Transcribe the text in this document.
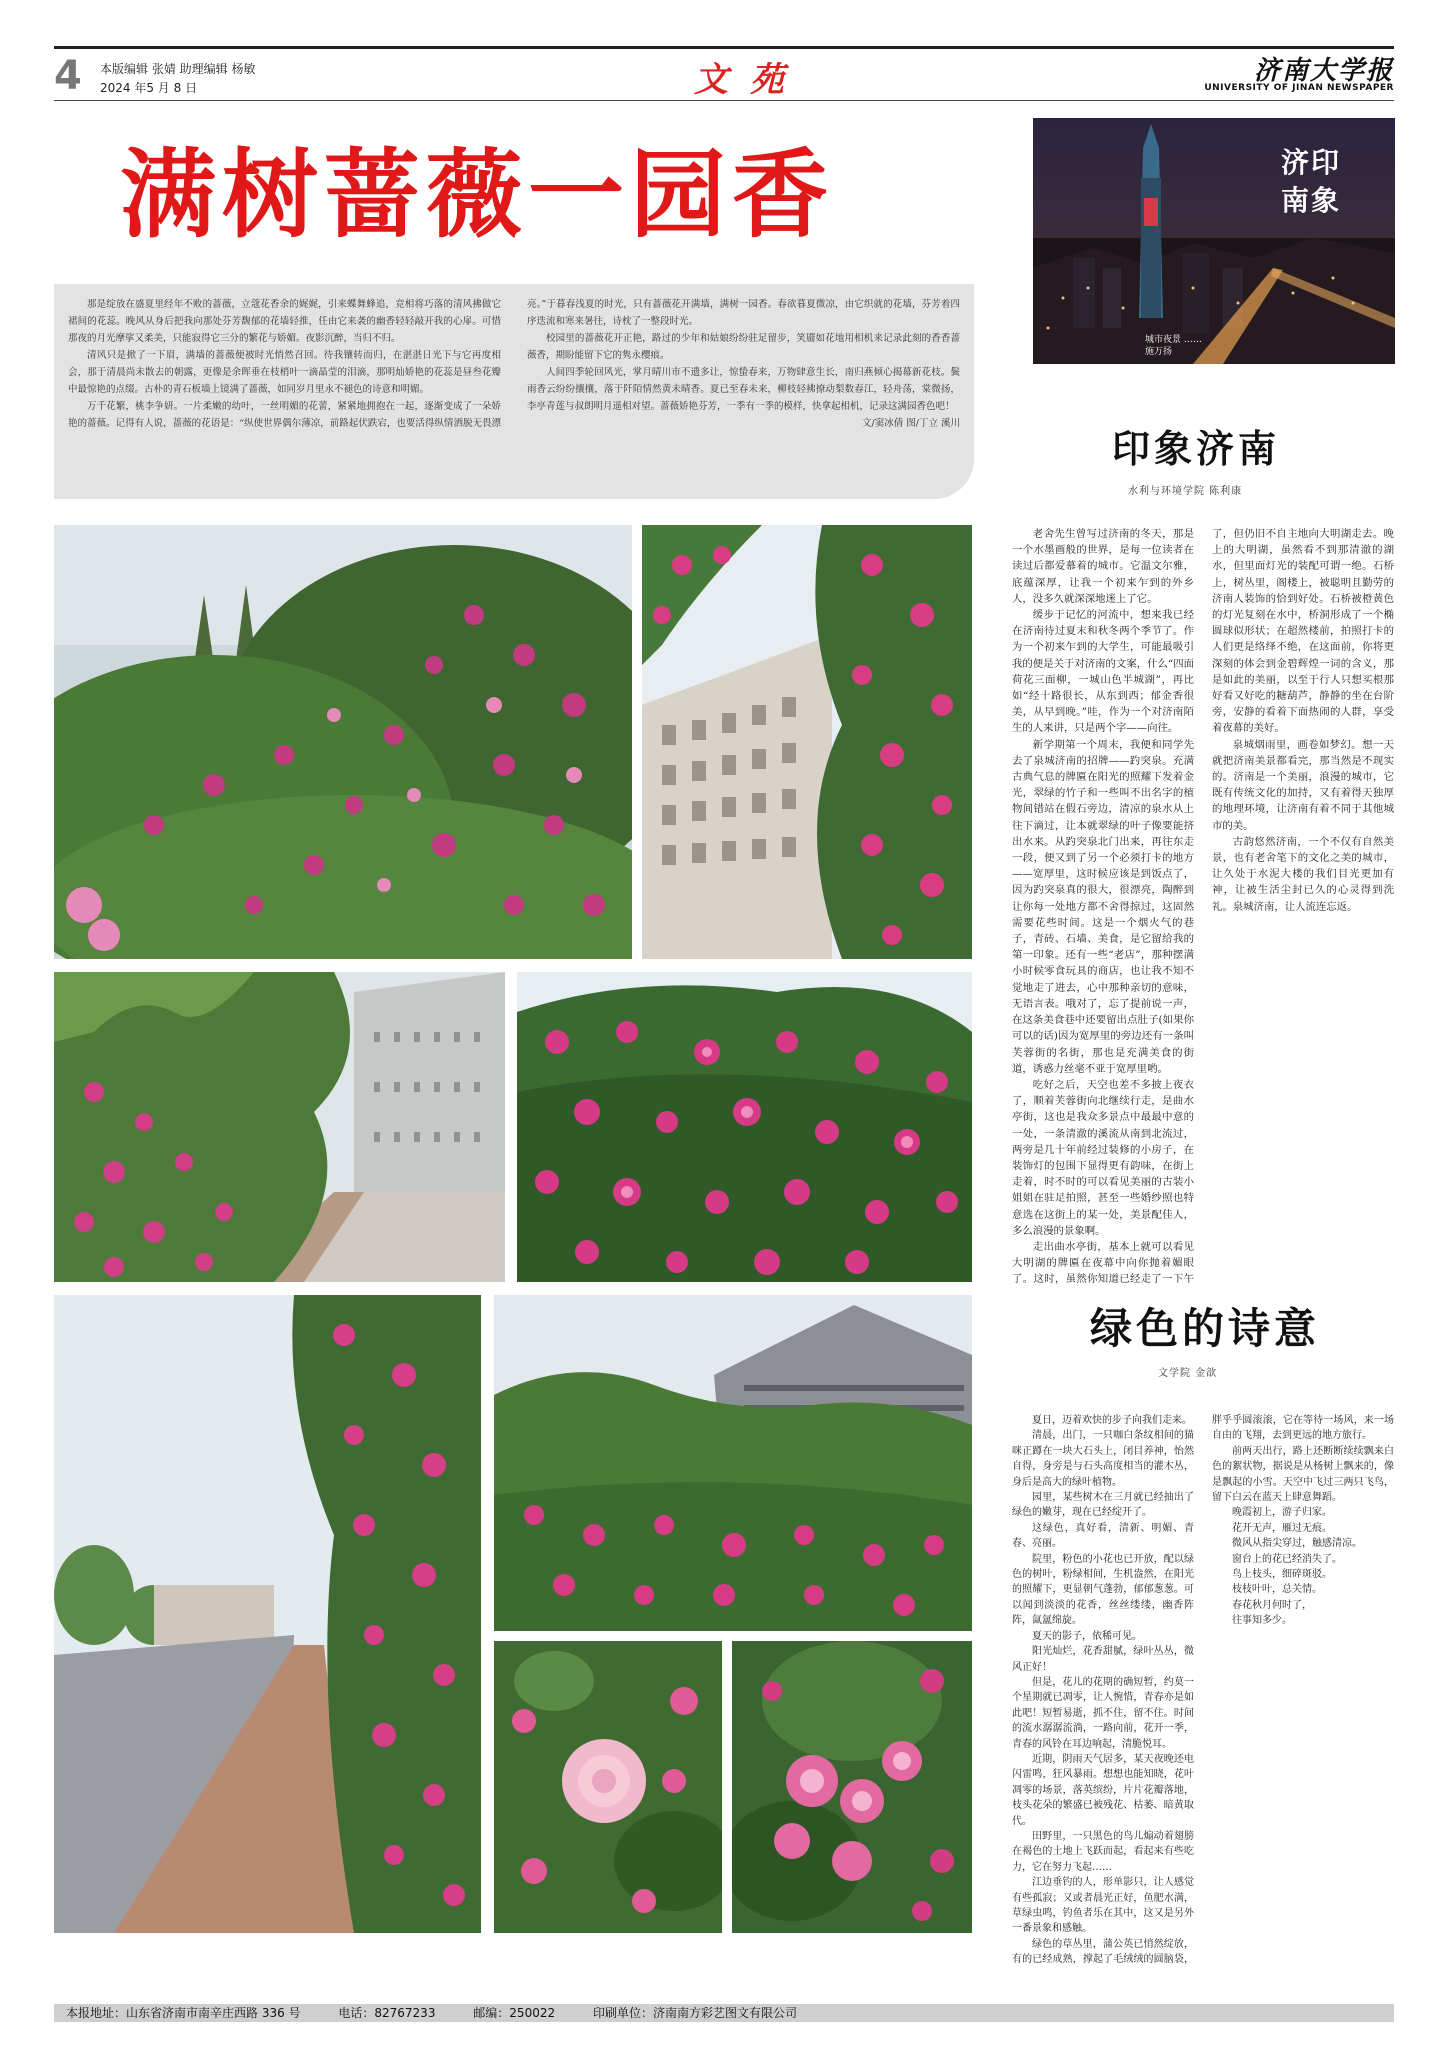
4 本版编辑 张婧 助理编辑 杨敏
2024 年5 月 8 日	文苑	济南大学报
UNIVERSITY OF JINAN NEWSPAPER
满树蔷薇一园香

那是绽放在盛夏里经年不败的蔷薇，立蔻花香余的娓娓，引来蝶舞蜂追，竞相将巧落的清风拂做它裙间的花蕊。晚风从身后把我向那处芬芳馥郁的花墙轻推，任由它来袭的幽香轻轻敲开我的心扉。可惜那夜的月光摩挲又柔美，只能寂得它三分的繁花与娇媚。夜影沉醉，当归不归。

清风只是掀了一下眉，满墙的蔷薇便被时光悄然召回。待我镶转而归，在湛湛日光下与它再度相会，那于清晨尚未散去的朝露，更像是余晖垂在枝梢叶一滴晶莹的泪滴，那明灿娇艳的花蕊是昼叁花瓣中最惊艳的点缀。古朴的青石板墙上镜满了蔷薇，如同岁月里永不褪色的诗意和明媚。

万千花繁，桃李争妍。一片柔嫩的幼叶，一丝明媚的花蕾，紧紧地拥抱在一起，逐渐变成了一朵娇艳的蔷薇。记得有人说，蔷薇的花语是：“纵使世界偶尔薄凉，前路起伏跌宕，也要活得纵情洒脱无畏漂亮。”于暮春浅夏的时光，只有蔷薇花开满墙，满树一园香。春欲暮夏微凉，由它织就的花墙，芬芳着四序迭流和寒来暑往，诗枕了一整段时光。

校园里的蔷薇花开正艳，路过的少年和姑娘纷纷驻足留步，笑靥如花地用相机来记录此刻的香香蔷薇香，期盼能留下它的隽永樱痕。

人间四季轮回风光，掌月晴川市不遗多让，惊蛰春来，万物肆意生长，南归燕倾心揭幕新花枝。鬓雨香云纷纷攘攘，落于阡陌情然黄未晴香。夏已至春未来，柳枝轻拂撩动梨数春江，轻舟荡，棠微扬，李亭青莲与叔朗明月遥相对望。蔷薇娇艳芬芳，一季有一季的模样，快拿起相机，记录这满园香色吧！

文/窦冰倩 图/丁立 溪川
济印
南象
城市夜景 ……
施万扬
印象济南
水利与环境学院 陈利康

老舍先生曾写过济南的冬天，那是一个水墨画般的世界，是每一位读者在读过后都爱慕着的城市。它温文尔雅，底蕴深厚，让我一个初来乍到的外乡人，没多久就深深地迷上了它。

缓步于记忆的河流中，想来我已经在济南待过夏末和秋冬两个季节了。作为一个初来乍到的大学生，可能最吸引我的便是关于对济南的文案，什么“四面荷花三面柳，一城山色半城湖”，再比如“经十路很长，从东到西；郁金香很美，从早到晚。”哇，作为一个对济南陌生的人来讲，只是两个字——向往。

新学期第一个周末，我便和同学先去了泉城济南的招牌——趵突泉。充满古典气息的牌匾在阳光的照耀下发着金光，翠绿的竹子和一些叫不出名字的植物间错站在假石旁边，清凉的泉水从上往下滴过，让本就翠绿的叶子像要能挤出水来。从趵突泉北门出来，再往东走一段，便又到了另一个必须打卡的地方——宽厚里，这时候应该是到饭点了，因为趵突泉真的很大，很漂亮，陶醉到让你每一处地方都不舍得掠过，这固然需要花些时间。这是一个烟火气的巷子，青砖、石墙、美食，是它留给我的第一印象。还有一些“老店”，那种摆满小时候零食玩具的商店，也让我不知不觉地走了进去，心中那种亲切的意味，无语言表。哦对了，忘了提前说一声，在这条美食巷中还要留出点肚子(如果你可以的话)因为宽厚里的旁边还有一条叫芙蓉街的名街，那也是充满美食的街道，诱惑力丝毫不亚于宽厚里哟。

吃好之后，天空也差不多披上夜衣了，顺着芙蓉街向北继续行走，是曲水亭街，这也是我众多景点中最最中意的一处，一条清澈的溪流从南到北流过，两旁是几十年前经过装修的小房子，在装饰灯的包围下显得更有韵味，在街上走着，时不时的可以看见美丽的古装小姐姐在驻足拍照，甚至一些婚纱照也特意选在这街上的某一处，美景配佳人，多么浪漫的景象啊。

走出曲水亭街，基本上就可以看见大明湖的牌匾在夜幕中向你抛着媚眼了。这时，虽然你知道已经走了一下午了，但仍旧不自主地向大明湖走去。晚上的大明湖，虽然看不到那清澈的湖水，但里面灯光的装配可谓一绝。石桥上，树丛里，阁楼上，被聪明且勤劳的济南人装饰的恰到好处。石桥被橙黄色的灯光复刻在水中，桥洞形成了一个椭圆球似形状；在超然楼前，拍照打卡的人们更是络绎不绝，在这面前，你将更深刻的体会到金碧辉煌一词的含义，那是如此的美丽，以至于行人只想买根那好看又好吃的糖葫芦，静静的坐在台阶旁，安静的看着下面热闹的人群，享受着夜幕的美好。

泉城烟雨里，画卷如梦幻。想一天就把济南美景都看完，那当然是不现实的。济南是一个美丽，浪漫的城市，它既有传统文化的加持，又有着得天独厚的地理环境，让济南有着不同于其他城市的美。

古韵悠然济南，一个不仅有自然美景，也有老舍笔下的文化之美的城市，让久处于水泥大楼的我们目光更加有神，让被生活尘封已久的心灵得到洗礼。泉城济南，让人流连忘返。

绿色的诗意
文学院 金歆

夏日，迈着欢快的步子向我们走来。

清晨，出门，一只咖白条纹相间的猫咪正蹲在一块大石头上，闭目养神，怡然自得，身旁是与石头高度相当的灌木丛，身后是高大的绿叶植物。

园里，某些树木在三月就已经抽出了绿色的嫩芽，现在已经绽开了。

这绿色，真好看，清新、明媚、青春、亮丽。

院里，粉色的小花也已开放，配以绿色的树叶，粉绿相间，生机盎然，在阳光的照耀下，更显朝气蓬勃，郁郁葱葱。可以闻到淡淡的花香，丝丝缕缕，幽香阵阵，氤氲绵旋。

夏天的影子，依稀可见。

阳光灿烂，花香甜腻，绿叶丛丛，微风正好！

但是，花儿的花期的确短暂，约莫一个星期就已凋零，让人惋惜，青春亦是如此吧！短暂易逝，抓不住，留不住。时间的流水潺潺流淌，一路向前，花开一季，青春的风铃在耳边响起，清脆悦耳。

近期，阴雨天气居多，某天夜晚还电闪雷鸣，狂风暴雨。想想也能知晓，花叶凋零的场景，落英缤纷，片片花瓣落地，枝头花朵的繁盛已被残花、枯萎、暗黄取代。

田野里，一只黑色的鸟儿煽动着翅膀在褐色的土地上飞跃而起，看起来有些吃力，它在努力飞起……

江边垂钓的人，形单影只，让人感觉有些孤寂；又或者晨光正好，鱼肥水满，草绿虫鸣，钓鱼者乐在其中，这又是另外一番景象和感触。

绿色的草丛里，蒲公英已悄然绽放，有的已经成熟，撑起了毛绒绒的圆脑袋，胖乎乎圆滚滚，它在等待一场风，来一场自由的飞翔，去到更远的地方旅行。

前两天出行，路上还断断续续飘来白色的絮状物，据说是从杨树上飘来的，像是飘起的小雪。天空中飞过三两只飞鸟，留下白云在蓝天上肆意舞蹈。

晚霞初上，游子归家。

花开无声，雁过无痕。

微风从指尖穿过，触感清凉。

窗台上的花已经消失了。

鸟上枝头，细碎斑驳。

枝枝叶叶，总关情。

春花秋月何时了，

往事知多少。

本报地址：山东省济南市南辛庄西路 336 号	电话：82767233	邮编：250022	印刷单位：济南南方彩艺图文有限公司
